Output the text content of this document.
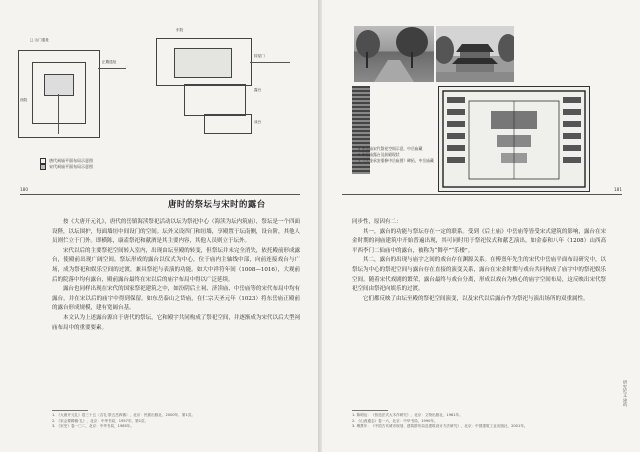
□ 山门遗址
正殿遗址
西院
东院
棂星门
露台
戏台
唐代祠庙平面布局示意图
宋代祠庙平面布局示意图
180
唐时的祭坛与宋时的露台

按《大唐开元礼》，唐代的岳镇海渎祭祀活动以坛为祭祀中心（海渎为坛内筑庙），祭坛是一个四面设陛，以坛围护，每面墙垣中间设门的空间。坛外又设四门和垣墙，享殿置于坛南侧，设台阶，其他人员则伫立于门外。即横陈，康盍祭祀和献酒是其主要内容，其他人员则立于坛外。

宋代以后的主要祭祀空间转入室内，出现由坛至殿的转变，但祭坛并未完全消失，依托殿前形成露台，使殿前出现广阔空间。祭坛形成的露台以仪式为中心，位于庙内主轴线中部，向前连接戏台与广场，成为祭祀和娱乐空间的过渡，兼具祭祀与表演的功能。如大中祥符年间（1008—1016），大观前后的院落中均有露台，殿前露台最终在宋以后的庙宇布局中得以广泛延续。

露台也同样出现在宋代的国家祭祀建筑之中，如汾阴后土祠、济渎庙、中岳庙等的宋代布局中均有露台，并在宋以后的庙宇中得到保留。如东岳泰山之岱庙，在仁宗天圣元年（1023）将东岳庙正殿前的露台形成规模，建有宽阔台基。

本文认为上述露台源自于唐代的祭坛，它和殿宇共同构成了祭祀空间，并逐渐成为宋代以后大型祠庙布局中的重要要素。

1. 《大唐开元礼》卷三十五〈吉礼·祭五岳四镇〉，北京：民族出版社，2000年，第1页。
2. 《宋会要辑稿·礼》，北京：中华书局，1957年，第1页。
3. 《宋史》卷一〇二，北京：中华书局，1985年。
5 中岳庙宋代祭祀空间示意，中岳庙藏
6 中岳庙露台及前殿现状
7 《大金承安重修中岳庙图》碑拓，中岳庙藏
181

同步性，原因有二：

其一，露台的功能与祭坛存在一定的联系。受到《后土庙》中岳庙等皆受宋式建筑的影响，露台在宋金时期的祠庙建筑中开始普遍出现，其可同时用于祭祀仪式和献艺演出。如金泰和八年（1208）山西高平西李门二仙庙中的露台，被称为“舞亭”“乐楼”。

其二，露台的出现与庙宇之间的戏台存在渊源关系。在傅熹年先生的宋代中岳庙平面布局研究中，以祭坛为中心的祭祀空间与露台存在直接的演变关系，露台在宋金时期与戏台共同构成了庙宇中的祭祀娱乐空间。随着宋代戏剧的繁荣，露台最终与戏台分离，形成以戏台为核心的庙宇空间布局，这反映出宋代祭祀空间由祭祀向娱乐的过渡。

它们都反映了由坛至殿的祭祀空间演变，以及宋代以后露台作为祭祀与演出场所的双重属性。

1. 陈明达：《营造法式大木作研究》，北京：文物出版社，1981年。
2. 《山西通志》卷一六，北京：中华书局，1990年。
3. 傅熹年：《中国古代城市规划、建筑群布局及建筑设计方法研究》，北京：中国建筑工业出版社，2001年。
研究论文 建筑
